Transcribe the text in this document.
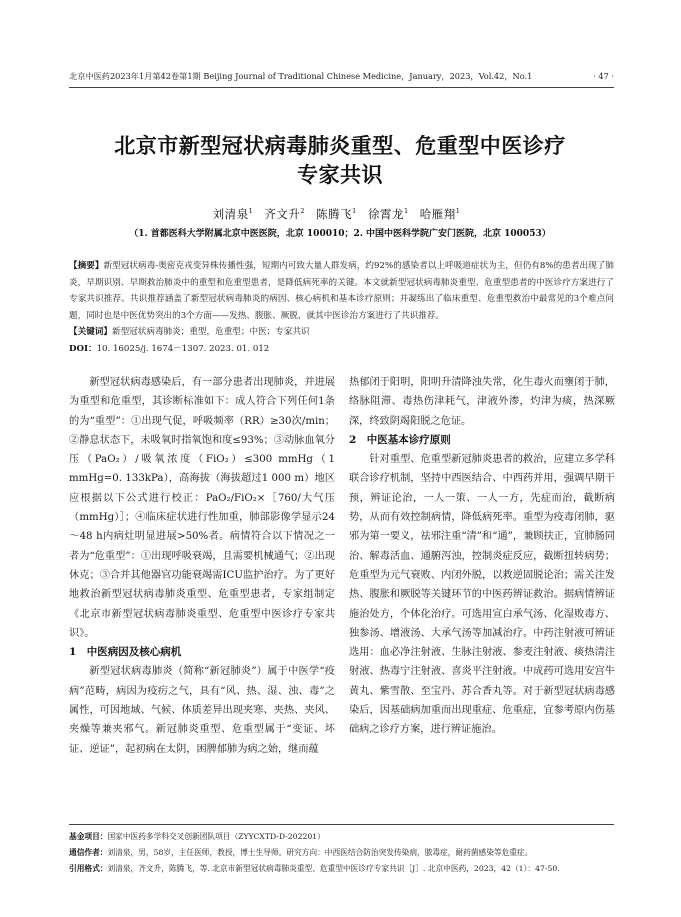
北京中医药2023年1月第42卷第1期 Beijing Journal of Traditional Chinese Medicine，January，2023，Vol.42，No.1	· 47 ·
北京市新型冠状病毒肺炎重型、危重型中医诊疗
专家共识
刘清泉$^1$ 齐文升$^2$ 陈腾飞$^1$ 徐霄龙$^1$ 哈雁翔$^1$
（1. 首都医科大学附属北京中医医院，北京 100010；2. 中国中医科学院广安门医院，北京 100053）
【摘要】新型冠状病毒-奥密克戎变异株传播性强，短期内可致大量人群发病，约92%的感染者以上呼吸道症状为主，但仍有8%的患者出现了肺炎，早期识别、早期救治肺炎中的重型和危重型患者，是降低病死率的关键。本文就新型冠状病毒肺炎重型、危重型患者的中医诊疗方案进行了专家共识推荐。共识推荐涵盖了新型冠状病毒肺炎的病因、核心病机和基本诊疗原则；并凝练出了临床重型、危重型救治中最常见的3个难点问题，同时也是中医优势突出的3个方面——发热、腹胀、厥脱，就其中医诊治方案进行了共识推荐。
【关键词】新型冠状病毒肺炎；重型，危重型；中医；专家共识
DOI：10. 16025/j. 1674－1307. 2023. 01. 012

新型冠状病毒感染后，有一部分患者出现肺炎，并进展为重型和危重型，其诊断标准如下：成人符合下列任何1条的为“重型”：①出现气促，呼吸频率（RR）≥30次/min；②静息状态下，未吸氧时指氧饱和度≤93%；③动脉血氧分压（PaO₂）/吸氧浓度（FiO₂）≤300 mmHg（1 mmHg=0. 133kPa），高海拔（海拔超过1 000 m）地区应根据以下公式进行校正：PaO₂/FiO₂×［760/大气压（mmHg）］；④临床症状进行性加重，肺部影像学显示24～48 h内病灶明显进展>50%者。病情符合以下情况之一者为“危重型”：①出现呼吸衰竭，且需要机械通气；②出现休克；③合并其他器官功能衰竭需ICU监护治疗。为了更好地救治新型冠状病毒肺炎重型、危重型患者，专家组制定《北京市新型冠状病毒肺炎重型、危重型中医诊疗专家共识》。

1　中医病因及核心病机

新型冠状病毒肺炎（简称“新冠肺炎”）属于中医学“疫病”范畴，病因为疫疠之气，具有“风、热、湿、浊、毒”之属性，可因地域、气候、体质差异出现夹寒、夹热、夹风、夹燥等兼夹邪气。新冠肺炎重型、危重型属于“变证、坏证、逆证”，起初病在太阴，困脾郁肺为病之始，继而蕴

热郁闭于阳明，阳明升清降浊失常，化生毒火而壅闭于肺，络脉阻滞、毒热伤津耗气，津液外渗，灼津为痰，热深厥深，终致阴竭阳脱之危证。

2　中医基本诊疗原则

针对重型、危重型新冠肺炎患者的救治，应建立多学科联合诊疗机制，坚持中西医结合、中西药并用，强调早期干预，辨证论治，一人一策、一人一方，先症而治，截断病势，从而有效控制病情，降低病死率。重型为疫毒闭肺，驱邪为第一要义，祛邪注重“清”和“通”，兼顾扶正，宜肺肠同治、解毒活血、通腑泻浊，控制炎症反应，截断扭转病势；危重型为元气衰败、内闭外脱，以救逆固脱论治；需关注发热、腹胀和厥脱等关键环节的中医药辨证救治。据病情辨证施治处方，个体化治疗。可选用宣白承气汤、化湿败毒方、独参汤、增液汤、大承气汤等加减治疗。中药注射液可辨证选用：血必净注射液、生脉注射液、参麦注射液、痰热清注射液、热毒宁注射液、喜炎平注射液。中成药可选用安宫牛黄丸、紫雪散、至宝丹、苏合香丸等。对于新型冠状病毒感染后，因基础病加重而出现重症、危重症，宜参考原内伤基础病之诊疗方案，进行辨证施治。

基金项目：国家中医药多学科交叉创新团队项目（ZYYCXTD-D-202201）
通信作者：刘清泉，男，58岁，主任医师，教授，博士生导师。研究方向：中西医结合防治突发传染病，脓毒症，耐药菌感染等危重症。
引用格式：刘清泉，齐文升，陈腾飞，等. 北京市新型冠状病毒肺炎重型、危重型中医诊疗专家共识［J］. 北京中医药，2023，42（1）：47-50.
